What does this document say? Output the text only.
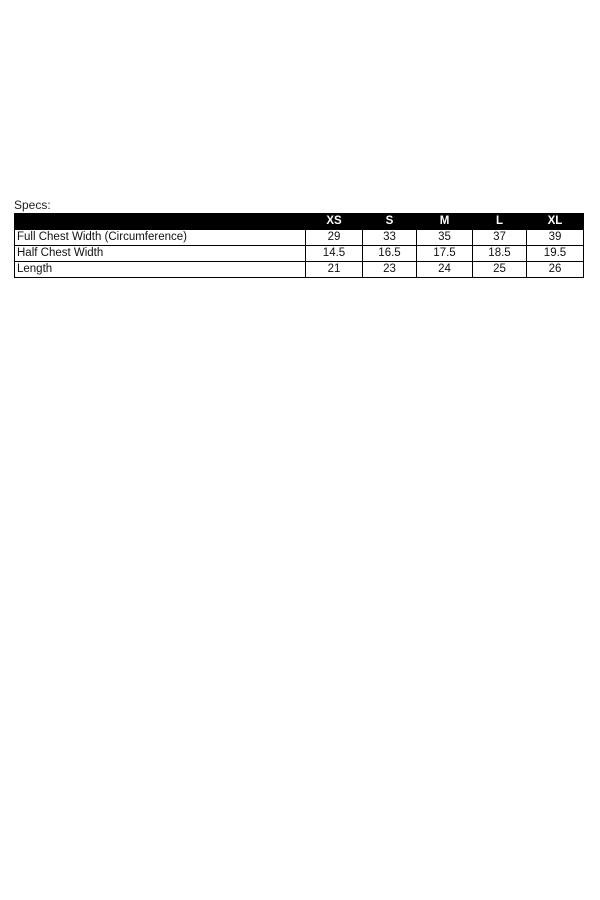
Specs:
	XS	S	M	L	XL
Full Chest Width (Circumference)	29	33	35	37	39
Half Chest Width	14.5	16.5	17.5	18.5	19.5
Length	21	23	24	25	26
